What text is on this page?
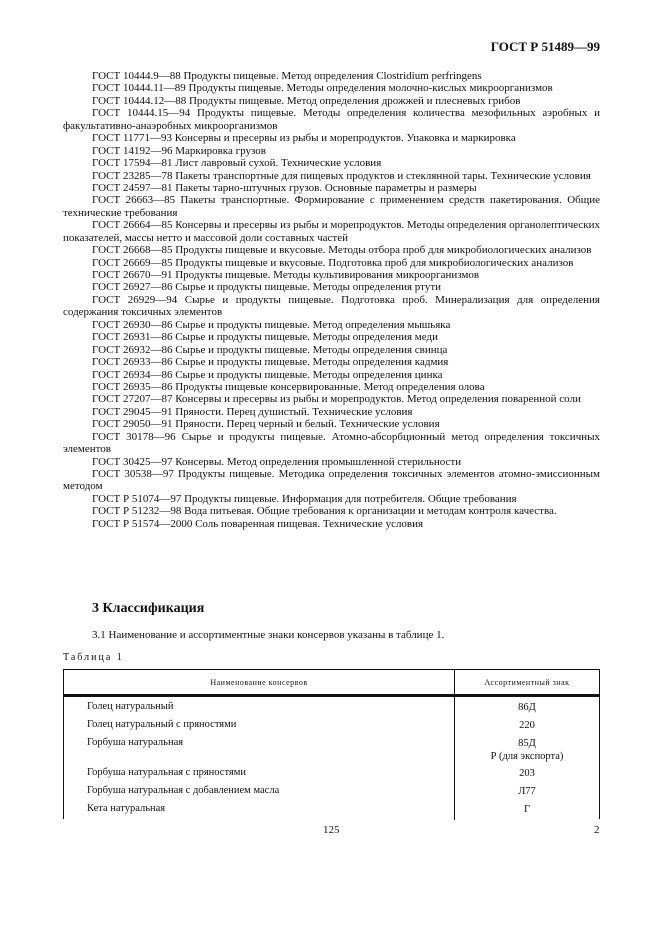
ГОСТ Р 51489—99

ГОСТ 10444.9—88 Продукты пищевые. Метод определения Clostridium perfringens

ГОСТ 10444.11—89 Продукты пищевые. Методы определения молочно-кислых микроорганизмов

ГОСТ 10444.12—88 Продукты пищевые. Метод определения дрожжей и плесневых грибов

ГОСТ 10444.15—94 Продукты пищевые. Методы определения количества мезофильных аэробных и факультативно-анаэробных микроорганизмов

ГОСТ 11771—93 Консервы и пресервы из рыбы и морепродуктов. Упаковка и маркировка

ГОСТ 14192—96 Маркировка грузов

ГОСТ 17594—81 Лист лавровый сухой. Технические условия

ГОСТ 23285—78 Пакеты транспортные для пищевых продуктов и стеклянной тары. Технические условия

ГОСТ 24597—81 Пакеты тарно-штучных грузов. Основные параметры и размеры

ГОСТ 26663—85 Пакеты транспортные. Формирование с применением средств пакетирования. Общие технические требования

ГОСТ 26664—85 Консервы и пресервы из рыбы и морепродуктов. Методы определения органолептических показателей, массы нетто и массовой доли составных частей

ГОСТ 26668—85 Продукты пищевые и вкусовые. Методы отбора проб для микробиологических анализов

ГОСТ 26669—85 Продукты пищевые и вкусовые. Подготовка проб для микробиологических анализов

ГОСТ 26670—91 Продукты пищевые. Методы культивирования микроорганизмов

ГОСТ 26927—86 Сырье и продукты пищевые. Методы определения ртути

ГОСТ 26929—94 Сырье и продукты пищевые. Подготовка проб. Минерализация для определения содержания токсичных элементов

ГОСТ 26930—86 Сырье и продукты пищевые. Метод определения мышьяка

ГОСТ 26931—86 Сырье и продукты пищевые. Методы определения меди

ГОСТ 26932—86 Сырье и продукты пищевые. Методы определения свинца

ГОСТ 26933—86 Сырье и продукты пищевые. Методы определения кадмия

ГОСТ 26934—86 Сырье и продукты пищевые. Методы определения цинка

ГОСТ 26935—86 Продукты пищевые консервированные. Метод определения олова

ГОСТ 27207—87 Консервы и пресервы из рыбы и морепродуктов. Метод определения поваренной соли

ГОСТ 29045—91 Пряности. Перец душистый. Технические условия

ГОСТ 29050—91 Пряности. Перец черный и белый. Технические условия

ГОСТ 30178—96 Сырье и продукты пищевые. Атомно-абсорбционный метод определения токсичных элементов

ГОСТ 30425—97 Консервы. Метод определения промышленной стерильности

ГОСТ 30538—97 Продукты пищевые. Методика определения токсичных элементов атомно-эмиссионным методом

ГОСТ Р 51074—97 Продукты пищевые. Информация для потребителя. Общие требования

ГОСТ Р 51232—98 Вода питьевая. Общие требования к организации и методам контроля качества.

ГОСТ Р 51574—2000 Соль поваренная пищевая. Технические условия

3 Классификация
3.1 Наименование и ассортиментные знаки консервов указаны в таблице 1.
Таблица 1
Наименование консервов	Ассортиментный знак
Голец натуральный	86Д
Голец натуральный с пряностями	220
Горбуша натуральная	85Д
Р (для экспорта)
Горбуша натуральная с пряностями	203
Горбуша натуральная с добавлением масла	Л77
Кета натуральная	Г
125	2
